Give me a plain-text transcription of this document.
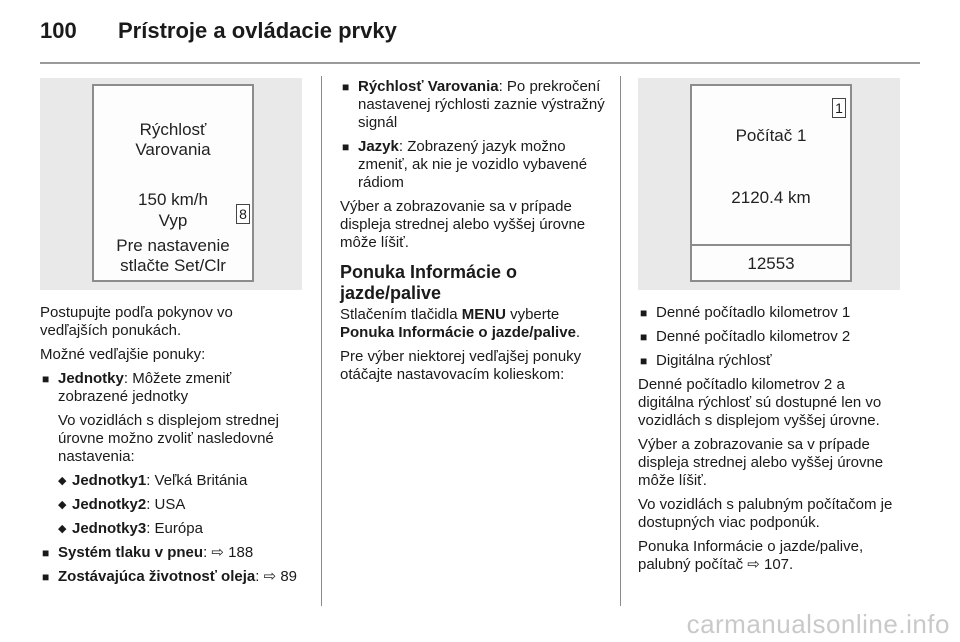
100 Prístroje a ovládacie prvky
Rýchlosť
Varovania
150 km/h
Vyp
Pre nastavenie
stlačte Set/Clr
8
1
Počítač 1
2120.4 km
12553

Postupujte podľa pokynov vo vedľajších ponukách.

Možné vedľajšie ponuky:

■ Jednotky: Môžete zmeniť zobrazené jednotky
Vo vozidlách s displejom strednej úrovne možno zvoliť nasledovné nastavenia:
◆ Jednotky1: Veľká Británia
◆ Jednotky2: USA
◆ Jednotky3: Európa
■ Systém tlaku v pneu: ⇨ 188
■ Zostávajúca životnosť oleja: ⇨ 89
■ Rýchlosť Varovania: Po prekročení nastavenej rýchlosti zaznie výstražný signál
■ Jazyk: Zobrazený jazyk možno zmeniť, ak nie je vozidlo vybavené rádiom

Výber a zobrazovanie sa v prípade displeja strednej alebo vyššej úrovne môže líšiť.

Ponuka Informácie o jazde/palive

Stlačením tlačidla MENU vyberte Ponuka Informácie o jazde/palive.

Pre výber niektorej vedľajšej ponuky otáčajte nastavovacím kolieskom:

■ Denné počítadlo kilometrov 1
■ Denné počítadlo kilometrov 2
■ Digitálna rýchlosť

Denné počítadlo kilometrov 2 a digitálna rýchlosť sú dostupné len vo vozidlách s displejom vyššej úrovne.

Výber a zobrazovanie sa v prípade displeja strednej alebo vyššej úrovne môže líšiť.

Vo vozidlách s palubným počítačom je dostupných viac podponúk.

Ponuka Informácie o jazde/palive, palubný počítač ⇨ 107.

carmanualsonline.info
